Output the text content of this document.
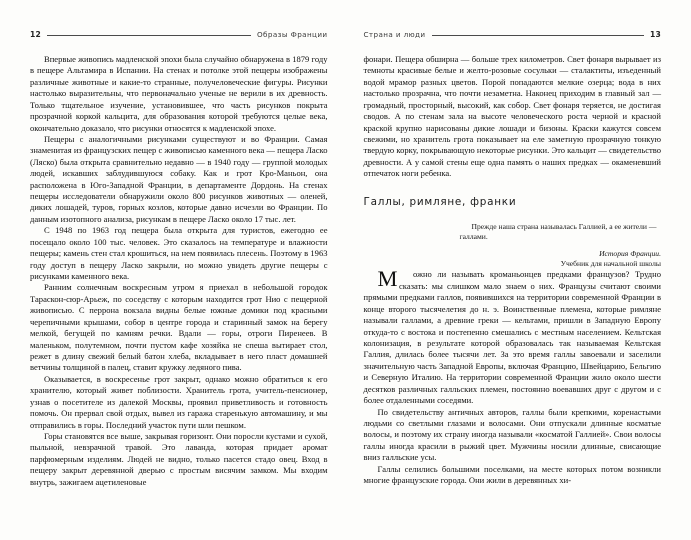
12	Образы Франции

Впервые живопись мадленской эпохи была случайно обнаружена в 1879 году в пещере Альтамира в Испании. На стенах и потолке этой пещеры изображены различные животные и какие-то странные, получеловеческие фигуры. Рисунки настолько выразительны, что первоначально ученые не верили в их древность. Только тщательное изучение, установившее, что часть рисунков покрыта прозрачной коркой кальцита, для образования которой требуются целые века, окончательно доказало, что рисунки относятся к мадленской эпохе.

Пещеры с аналогичными рисунками существуют и во Франции. Самая знаменитая из французских пещер с живописью каменного века — пещера Ласко (Ляско) была открыта сравнительно недавно — в 1940 году — группой молодых людей, искавших заблудившуюся собаку. Как и грот Кро-Маньон, она расположена в Юго-Западной Франции, в департаменте Дордонь. На стенах пещеры исследователи обнаружили около 800 рисунков животных — оленей, диких лошадей, туров, горных козлов, которые давно исчезли во Франции. По данным изотопного анализа, рисункам в пещере Ласко около 17 тыс. лет.

С 1948 по 1963 год пещера была открыта для туристов, ежегодно ее посещало около 100 тыс. человек. Это сказалось на температуре и влажности пещеры; камень стен стал крошиться, на нем появилась плесень. Поэтому в 1963 году доступ в пещеру Ласко закрыли, но можно увидеть другие пещеры с рисунками каменного века.

Ранним солнечным воскресным утром я приехал в небольшой городок Тараскон-сюр-Арьеж, по соседству с которым находится грот Нио с пещерной живописью. С перрона вокзала видны белые южные домики под красными черепичными крышами, собор в центре города и старинный замок на берегу мелкой, бегущей по камням речки. Вдали — горы, отроги Пиренеев. В маленьком, полутемном, почти пустом кафе хозяйка не спеша вытирает стол, режет в длину свежий белый батон хлеба, вкладывает в него пласт домашней ветчины толщиной в палец, ставит кружку ледяного пива.

Оказывается, в воскресенье грот закрыт, однако можно обратиться к его хранителю, который живет поблизости. Хранитель грота, учитель-пенсионер, узнав о посетителе из далекой Москвы, проявил приветливость и готовность помочь. Он прервал свой отдых, вывел из гаража старенькую автомашину, и мы отправились в горы. Последний участок пути шли пешком.

Горы становятся все выше, закрывая горизонт. Они поросли кустами и сухой, пыльной, невзрачной травой. Это лаванда, которая придает аромат парфюмерным изделиям. Людей не видно, только пасется стадо овец. Вход в пещеру закрыт деревянной дверью с простым висячим замком. Мы входим внутрь, зажигаем ацетиленовые

Страна и люди	13

фонари. Пещера обширна — больше трех километров. Свет фонаря вырывает из темноты красивые белые и желто-розовые сосульки — сталактиты, изъеденный водой мрамор разных цветов. Порой попадаются мелкие озерца; вода в них настолько прозрачна, что почти незаметна. Наконец приходим в главный зал — громадный, просторный, высокий, как собор. Свет фонаря теряется, не достигая сводов. А по стенам зала на высоте человеческого роста черной и красной краской крупно нарисованы дикие лошади и бизоны. Краски кажутся совсем свежими, но хранитель грота показывает на еле заметную прозрачную тонкую твердую корку, покрывающую некоторые рисунки. Это кальцит — свидетельство древности. А у самой стены еще одна память о наших предках — окаменевший отпечаток ноги ребенка.

Галлы, римляне, франки
Прежде наша страна называлась Галлией, а ее жители — галлами.
История Франции.
Учебник для начальной школы

М ожно ли называть кроманьонцев предками французов? Трудно сказать: мы слишком мало знаем о них. Французы считают своими прямыми предками галлов, появившихся на территории современной Франции в конце второго тысячелетия до н. э. Воинственные племена, которые римляне называли галлами, а древние греки — кельтами, пришли в Западную Европу откуда-то с востока и постепенно смешались с местным населением. Кельтская колонизация, в результате которой образовалась так называемая Кельтская Галлия, длилась более тысячи лет. За это время галлы завоевали и заселили значительную часть Западной Европы, включая Францию, Швейцарию, Бельгию и Северную Италию. На территории современной Франции жило около шести десятков различных галльских племен, постоянно воевавших друг с другом и с более отдаленными соседями.

По свидетельству античных авторов, галлы были крепкими, коренастыми людьми со светлыми глазами и волосами. Они отпускали длинные косматые волосы, и поэтому их страну иногда называли «косматой Галлией». Свои волосы галлы иногда красили в рыжий цвет. Мужчины носили длинные, свисающие вниз галльские усы.

Галлы селились большими поселками, на месте которых потом возникли многие французские города. Они жили в деревянных хи-
